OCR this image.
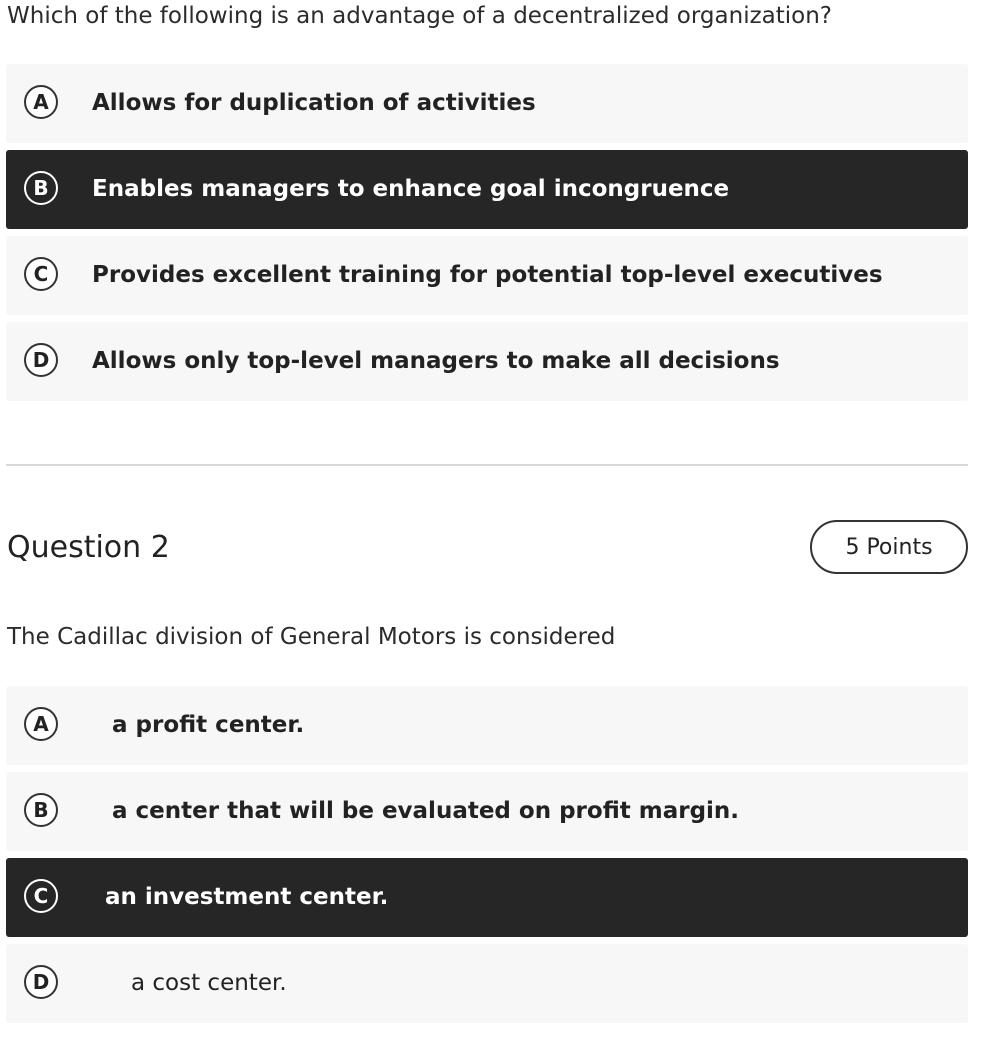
Which of the following is an advantage of a decentralized organization?
A	Allows for duplication of activities
B	Enables managers to enhance goal incongruence
C	Provides excellent training for potential top-level executives
D	Allows only top-level managers to make all decisions
Question 2	5 Points
The Cadillac division of General Motors is considered
A	a profit center.
B	a center that will be evaluated on profit margin.
C	an investment center.
D	a cost center.
